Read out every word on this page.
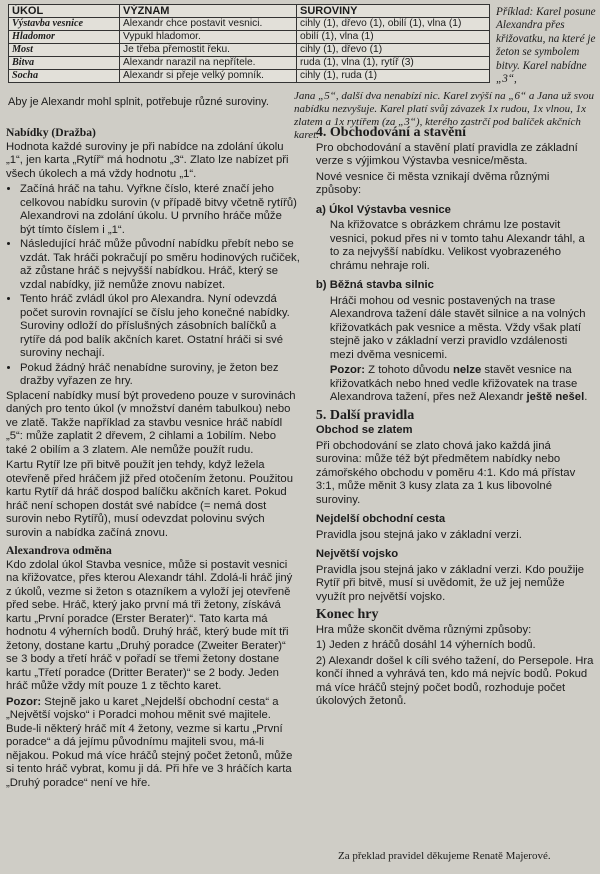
ÚKOL	VÝZNAM	SUROVINY
Výstavba vesnice	Alexandr chce postavit vesnici.	cihly (1), dřevo (1), obilí (1), vlna (1)
Hladomor	Vypukl hladomor.	obilí (1), vlna (1)
Most	Je třeba přemostit řeku.	cihly (1), dřevo (1)
Bitva	Alexandr narazil na nepřítele.	ruda (1), vlna (1), rytíř (3)
Socha	Alexandr si přeje velký pomník.	cihly (1), ruda (1)
Příklad: Karel posune Alexandra přes křižovatku, na které je žeton se symbolem bitvy. Karel nabídne „3“,
Aby je Alexandr mohl splnit, potřebuje různé suroviny.	Jana „5“, další dva nenabízí nic. Karel zvýší na „6“ a Jana už svou nabídku nezvyšuje. Karel platí svůj závazek 1x rudou, 1x vlnou, 1x zlatem a 1x rytířem (za „3“), kterého zastrčí pod balíček akčních karet.
Nabídky (Dražba)

Hodnota každé suroviny je při nabídce na zdolání úkolu „1“, jen karta „Rytíř“ má hodnotu „3“. Zlato lze nabízet při všech úkolech a má vždy hodnotu „1“.

• Začíná hráč na tahu. Vyřkne číslo, které značí jeho celkovou nabídku surovin (v případě bitvy včetně rytířů) Alexandrovi na zdolání úkolu. U prvního hráče může být tímto číslem i „1“.
• Následující hráč může původní nabídku přebít nebo se vzdát. Tak hráči pokračují po směru hodinových ručiček, až zůstane hráč s nejvyšší nabídkou. Hráč, který se vzdal nabídky, již nemůže znovu nabízet.
• Tento hráč zvládl úkol pro Alexandra. Nyní odevzdá počet surovin rovnající se číslu jeho konečné nabídky. Suroviny odloží do příslušných zásobních balíčků a rytíře dá pod balík akčních karet. Ostatní hráči si své suroviny nechají.
• Pokud žádný hráč nenabídne suroviny, je žeton bez dražby vyřazen ze hry.

Splacení nabídky musí být provedeno pouze v surovinách daných pro tento úkol (v množství daném tabulkou) nebo ve zlatě. Takže například za stavbu vesnice hráč nabídl „5“: může zaplatit 2 dřevem, 2 cihlami a 1obilím. Nebo také 2 obilím a 3 zlatem. Ale nemůže použít rudu.

Kartu Rytíř lze při bitvě použít jen tehdy, když ležela otevřeně před hráčem již před otočením žetonu. Použitou kartu Rytíř dá hráč dospod balíčku akčních karet. Pokud hráč není schopen dostát své nabídce (= nemá dost surovin nebo Rytířů), musí odevzdat polovinu svých surovin a nabídka začíná znovu.

Alexandrova odměna

Kdo zdolal úkol Stavba vesnice, může si postavit vesnici na křižovatce, přes kterou Alexandr táhl. Zdolá-li hráč jiný z úkolů, vezme si žeton s otazníkem a vyloží jej otevřeně před sebe. Hráč, který jako první má tři žetony, získává kartu „První poradce (Erster Berater)“. Tato karta má hodnotu 4 výherních bodů. Druhý hráč, který bude mít tři žetony, dostane kartu „Druhý poradce (Zweiter Berater)“ se 3 body a třetí hráč v pořadí se třemi žetony dostane kartu „Třetí poradce (Dritter Berater)“ se 2 body. Jeden hráč může vždy mít pouze 1 z těchto karet.

Pozor: Stejně jako u karet „Nejdelší obchodní cesta“ a „Největší vojsko“ i Poradci mohou měnit své majitele. Bude-li některý hráč mít 4 žetony, vezme si kartu „První poradce“ a dá jejímu původnímu majiteli svou, má-li nějakou. Pokud má více hráčů stejný počet žetonů, může si tento hráč vybrat, komu ji dá. Při hře ve 3 hráčích karta „Druhý poradce“ není ve hře.

4. Obchodování a stavění

Pro obchodování a stavění platí pravidla ze základní verze s výjimkou Výstavba vesnice/města.

Nové vesnice či města vznikají dvěma různými způsoby:

a) Úkol Výstavba vesnice

Na křižovatce s obrázkem chrámu lze postavit vesnici, pokud přes ni v tomto tahu Alexandr táhl, a to za nejvyšší nabídku. Velikost vyobrazeného chrámu nehraje roli.

b) Běžná stavba silnic

Hráči mohou od vesnic postavených na trase Alexandrova tažení dále stavět silnice a na volných křižovatkách pak vesnice a města. Vždy však platí stejně jako v základní verzi pravidlo vzdálenosti mezi dvěma vesnicemi.

Pozor: Z tohoto důvodu nelze stavět vesnice na křižovatkách nebo hned vedle křižovatek na trase Alexandrova tažení, přes než Alexandr ještě nešel.

5. Další pravidla
Obchod se zlatem

Při obchodování se zlato chová jako každá jiná surovina: může též být předmětem nabídky nebo zámořského obchodu v poměru 4:1. Kdo má přístav 3:1, může měnit 3 kusy zlata za 1 kus libovolné suroviny.

Nejdelší obchodní cesta

Pravidla jsou stejná jako v základní verzi.

Největší vojsko

Pravidla jsou stejná jako v základní verzi. Kdo použije Rytíř při bitvě, musí si uvědomit, že už jej nemůže využít pro největší vojsko.

Konec hry

Hra může skončit dvěma různými způsoby:

1) Jeden z hráčů dosáhl 14 výherních bodů.

2) Alexandr došel k cíli svého tažení, do Persepole. Hra končí ihned a vyhrává ten, kdo má nejvíc bodů. Pokud má více hráčů stejný počet bodů, rozhoduje počet úkolových žetonů.

Za překlad pravidel děkujeme Renatě Majerové.
